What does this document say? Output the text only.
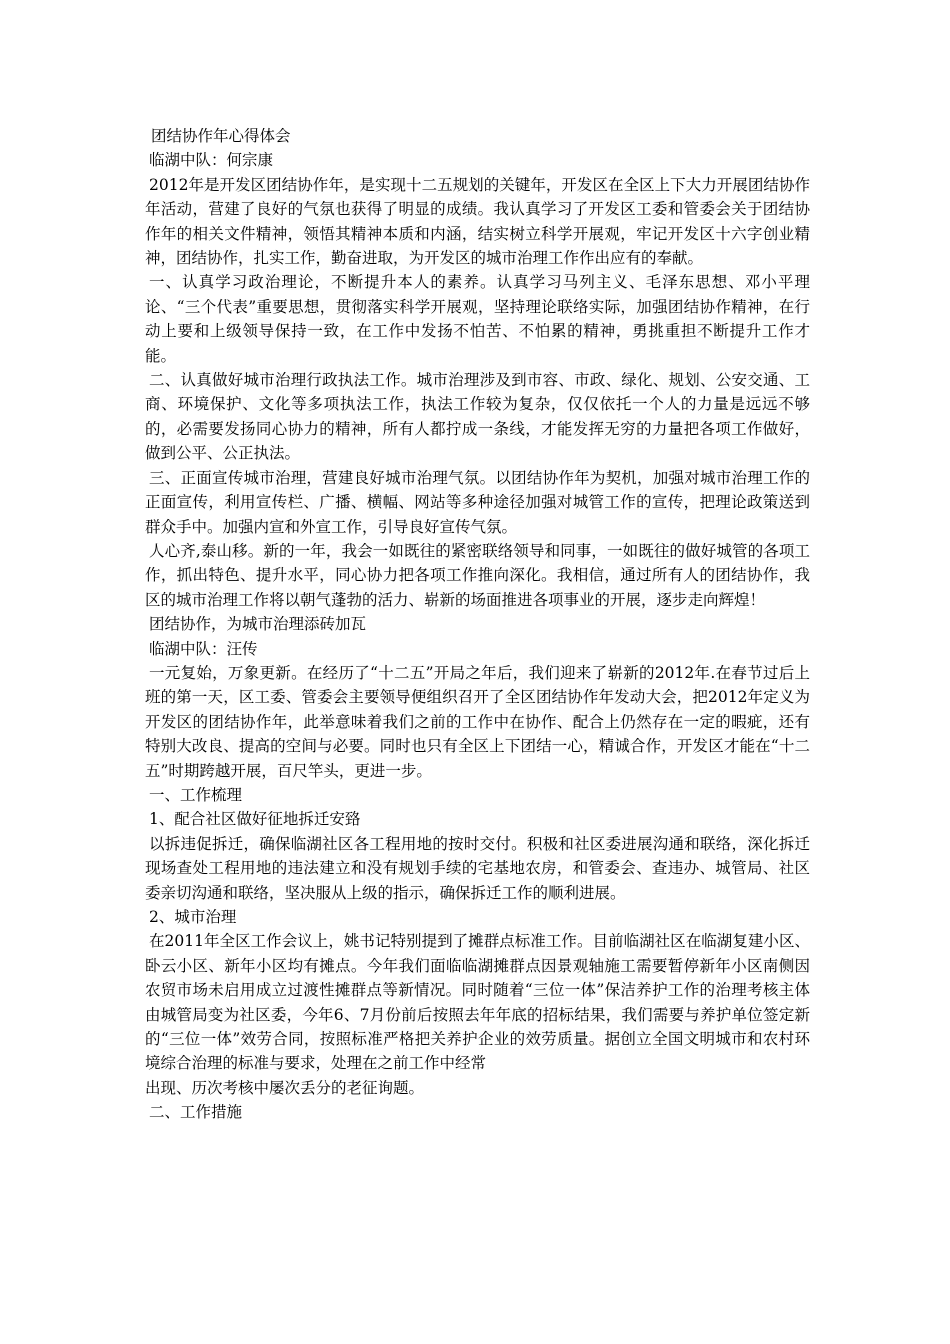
团结协作年心得体会

临湖中队：何宗康

2012年是开发区团结协作年，是实现十二五规划的关键年，开发区在全区上下大力开展团结协作年活动，营建了良好的气氛也获得了明显的成绩。我认真学习了开发区工委和管委会关于团结协作年的相关文件精神，领悟其精神本质和内涵，结实树立科学开展观，牢记开发区十六字创业精神，团结协作，扎实工作，勤奋进取，为开发区的城市治理工作作出应有的奉献。

一、认真学习政治理论，不断提升本人的素养。认真学习马列主义、毛泽东思想、邓小平理论、“三个代表”重要思想，贯彻落实科学开展观，坚持理论联络实际，加强团结协作精神，在行动上要和上级领导保持一致，在工作中发扬不怕苦、不怕累的精神，勇挑重担不断提升工作才能。

二、认真做好城市治理行政执法工作。城市治理涉及到市容、市政、绿化、规划、公安交通、工商、环境保护、文化等多项执法工作，执法工作较为复杂，仅仅依托一个人的力量是远远不够的，必需要发扬同心协力的精神，所有人都拧成一条线，才能发挥无穷的力量把各项工作做好，做到公平、公正执法。

三、正面宣传城市治理，营建良好城市治理气氛。以团结协作年为契机，加强对城市治理工作的正面宣传，利用宣传栏、广播、横幅、网站等多种途径加强对城管工作的宣传，把理论政策送到群众手中。加强内宣和外宣工作，引导良好宣传气氛。

人心齐,泰山移。新的一年，我会一如既往的紧密联络领导和同事，一如既往的做好城管的各项工作，抓出特色、提升水平，同心协力把各项工作推向深化。我相信，通过所有人的团结协作，我区的城市治理工作将以朝气蓬勃的活力、崭新的场面推进各项事业的开展，逐步走向辉煌！

团结协作，为城市治理添砖加瓦

临湖中队：汪传

一元复始，万象更新。在经历了“十二五”开局之年后，我们迎来了崭新的2012年.在春节过后上班的第一天，区工委、管委会主要领导便组织召开了全区团结协作年发动大会，把2012年定义为开发区的团结协作年，此举意味着我们之前的工作中在协作、配合上仍然存在一定的暇疵，还有特别大改良、提高的空间与必要。同时也只有全区上下团结一心，精诚合作，开发区才能在“十二五”时期跨越开展，百尺竿头，更进一步。

一、工作梳理

1、配合社区做好征地拆迁安臵

以拆违促拆迁，确保临湖社区各工程用地的按时交付。积极和社区委进展沟通和联络，深化拆迁现场查处工程用地的违法建立和没有规划手续的宅基地农房，和管委会、查违办、城管局、社区委亲切沟通和联络，坚决服从上级的指示，确保拆迁工作的顺利进展。

2、城市治理

在2011年全区工作会议上，姚书记特别提到了摊群点标准工作。目前临湖社区在临湖复建小区、卧云小区、新年小区均有摊点。今年我们面临临湖摊群点因景观轴施工需要暂停新年小区南侧因农贸市场未启用成立过渡性摊群点等新情况。同时随着“三位一体”保洁养护工作的治理考核主体由城管局变为社区委，今年6、7月份前后按照去年年底的招标结果，我们需要与养护单位签定新的“三位一体”效劳合同，按照标准严格把关养护企业的效劳质量。据创立全国文明城市和农村环境综合治理的标准与要求，处理在之前工作中经常

出现、历次考核中屡次丢分的老征询题。

二、工作措施
